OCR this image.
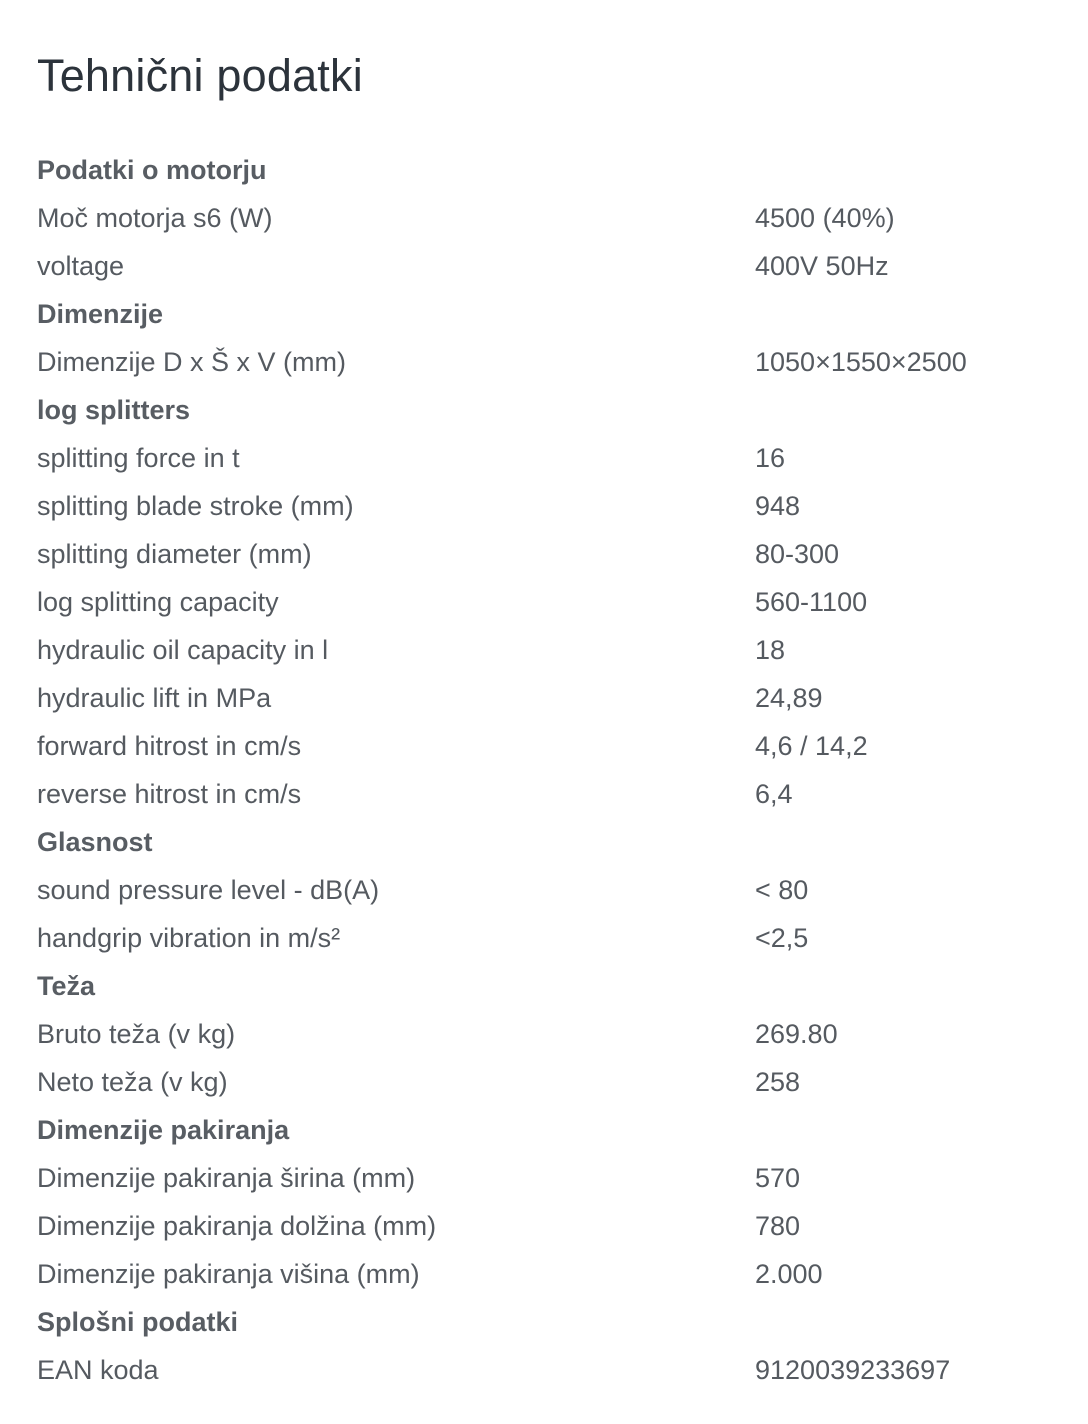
Tehnični podatki
Podatki o motorju
Moč motorja s6 (W)	4500 (40%)
voltage	400V 50Hz
Dimenzije
Dimenzije D x Š x V (mm)	1050×1550×2500
log splitters
splitting force in t	16
splitting blade stroke (mm)	948
splitting diameter (mm)	80-300
log splitting capacity	560-1100
hydraulic oil capacity in l	18
hydraulic lift in MPa	24,89
forward hitrost in cm/s	4,6 / 14,2
reverse hitrost in cm/s	6,4
Glasnost
sound pressure level - dB(A)	< 80
handgrip vibration in m/s²	<2,5
Teža
Bruto teža (v kg)	269.80
Neto teža (v kg)	258
Dimenzije pakiranja
Dimenzije pakiranja širina (mm)	570
Dimenzije pakiranja dolžina (mm)	780
Dimenzije pakiranja višina (mm)	2.000
Splošni podatki
EAN koda	9120039233697
